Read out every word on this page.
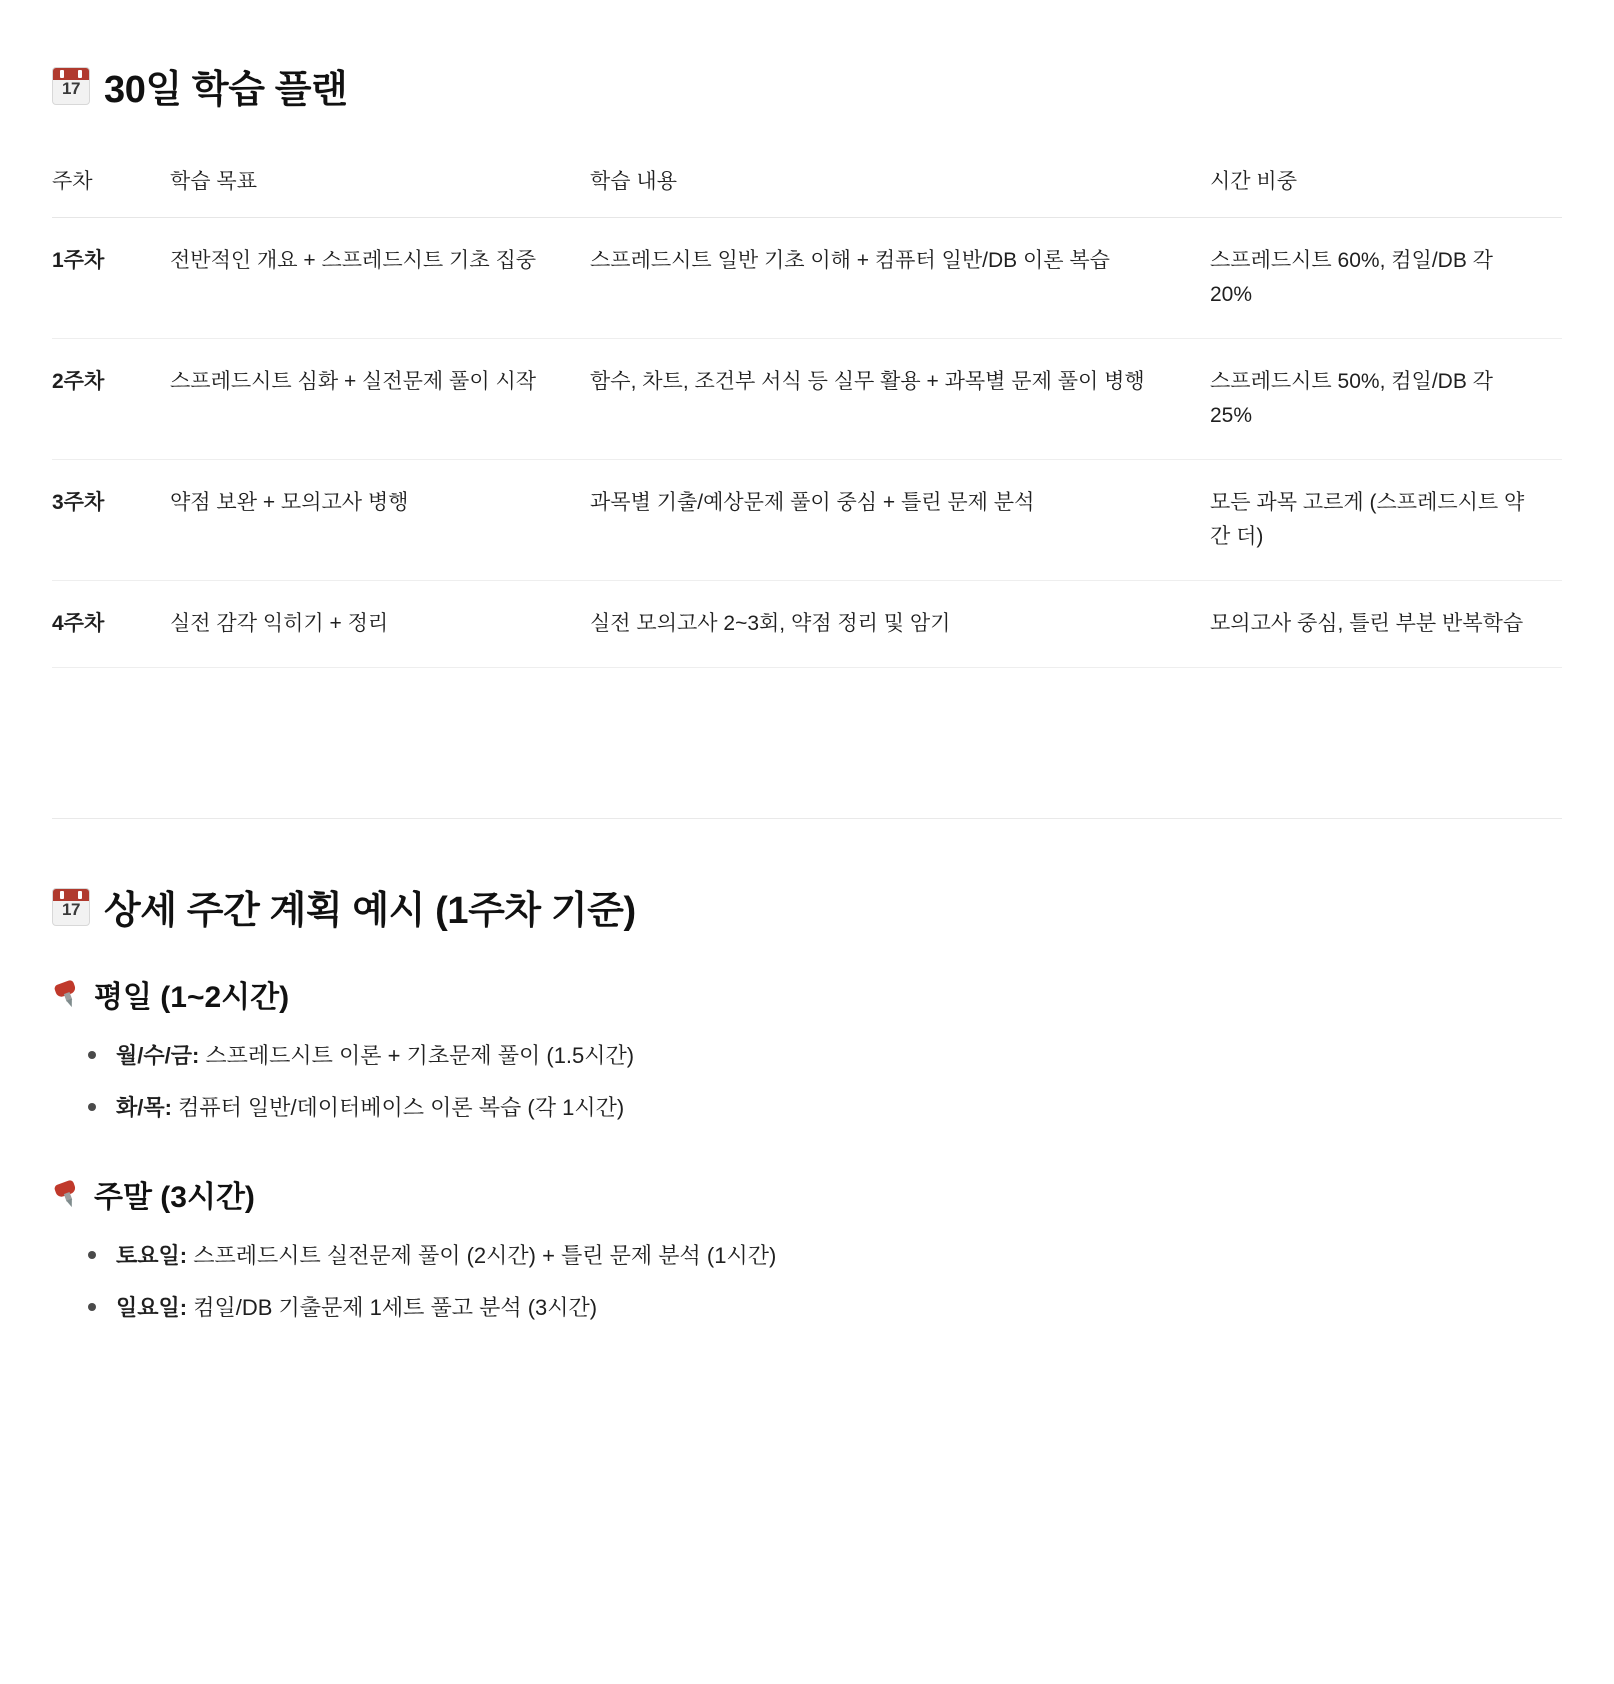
17 30일 학습 플랜
주차	학습 목표	학습 내용	시간 비중
1주차	전반적인 개요 + 스프레드시트 기초 집중	스프레드시트 일반 기초 이해 + 컴퓨터 일반/DB 이론 복습	스프레드시트 60%, 컴일/DB 각 20%
2주차	스프레드시트 심화 + 실전문제 풀이 시작	함수, 차트, 조건부 서식 등 실무 활용 + 과목별 문제 풀이 병행	스프레드시트 50%, 컴일/DB 각 25%
3주차	약점 보완 + 모의고사 병행	과목별 기출/예상문제 풀이 중심 + 틀린 문제 분석	모든 과목 고르게 (스프레드시트 약간 더)
4주차	실전 감각 익히기 + 정리	실전 모의고사 2~3회, 약점 정리 및 암기	모의고사 중심, 틀린 부분 반복학습
17 상세 주간 계획 예시 (1주차 기준)
평일 (1~2시간)
월/수/금: 스프레드시트 이론 + 기초문제 풀이 (1.5시간)
화/목: 컴퓨터 일반/데이터베이스 이론 복습 (각 1시간)
주말 (3시간)
토요일: 스프레드시트 실전문제 풀이 (2시간) + 틀린 문제 분석 (1시간)
일요일: 컴일/DB 기출문제 1세트 풀고 분석 (3시간)
